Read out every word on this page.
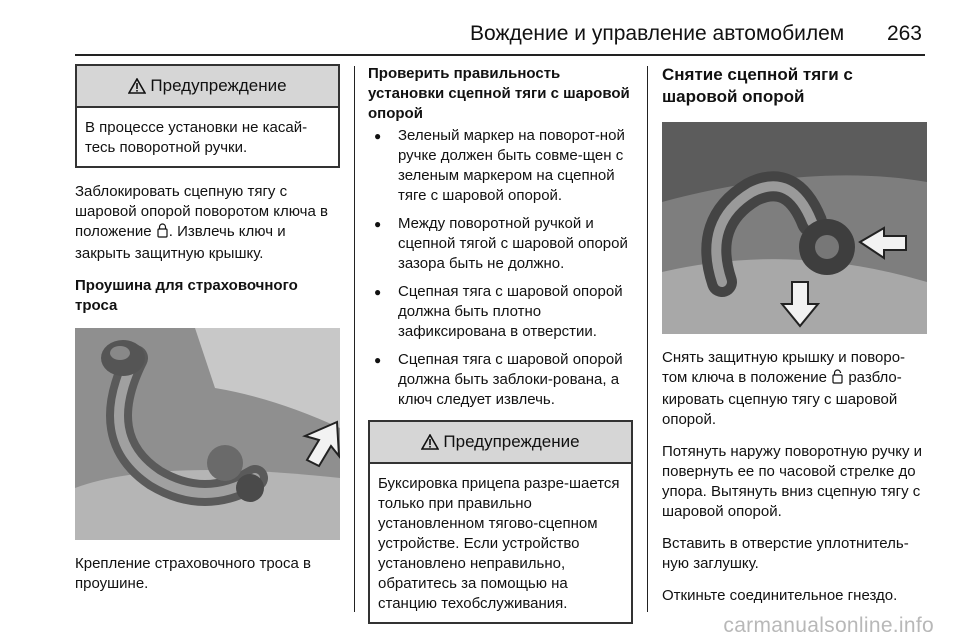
Вождение и управление автомобилем 263
Предупреждение
В процессе установки не касай-тесь поворотной ручки.

Заблокировать сцепную тягу с шаровой опорой поворотом ключа в положение . Извлечь ключ и закрыть защитную крышку.

Проушина для страховочного троса

Крепление страховочного троса в проушине.

Проверить правильность установки сцепной тяги с шаровой опорой
● Зеленый маркер на поворот-ной ручке должен быть совме-щен с зеленым маркером на сцепной тяге с шаровой опорой.
● Между поворотной ручкой и сцепной тягой с шаровой опорой зазора быть не должно.
● Сцепная тяга с шаровой опорой должна быть плотно зафиксирована в отверстии.
● Сцепная тяга с шаровой опорой должна быть заблоки-рована, а ключ следует извлечь.
Предупреждение
Буксировка прицепа разре-шается только при правильно установленном тягово-сцепном устройстве. Если устройство установлено неправильно, обратитесь за помощью на станцию техобслуживания.
Снятие сцепной тяги с шаровой опорой

Снять защитную крышку и поворо-том ключа в положение разбло-кировать сцепную тягу с шаровой опорой.

Потянуть наружу поворотную ручку и повернуть ее по часовой стрелке до упора. Вытянуть вниз сцепную тягу с шаровой опорой.

Вставить в отверстие уплотнитель-ную заглушку.

Откиньте соединительное гнездо.

carmanualsonline.info
